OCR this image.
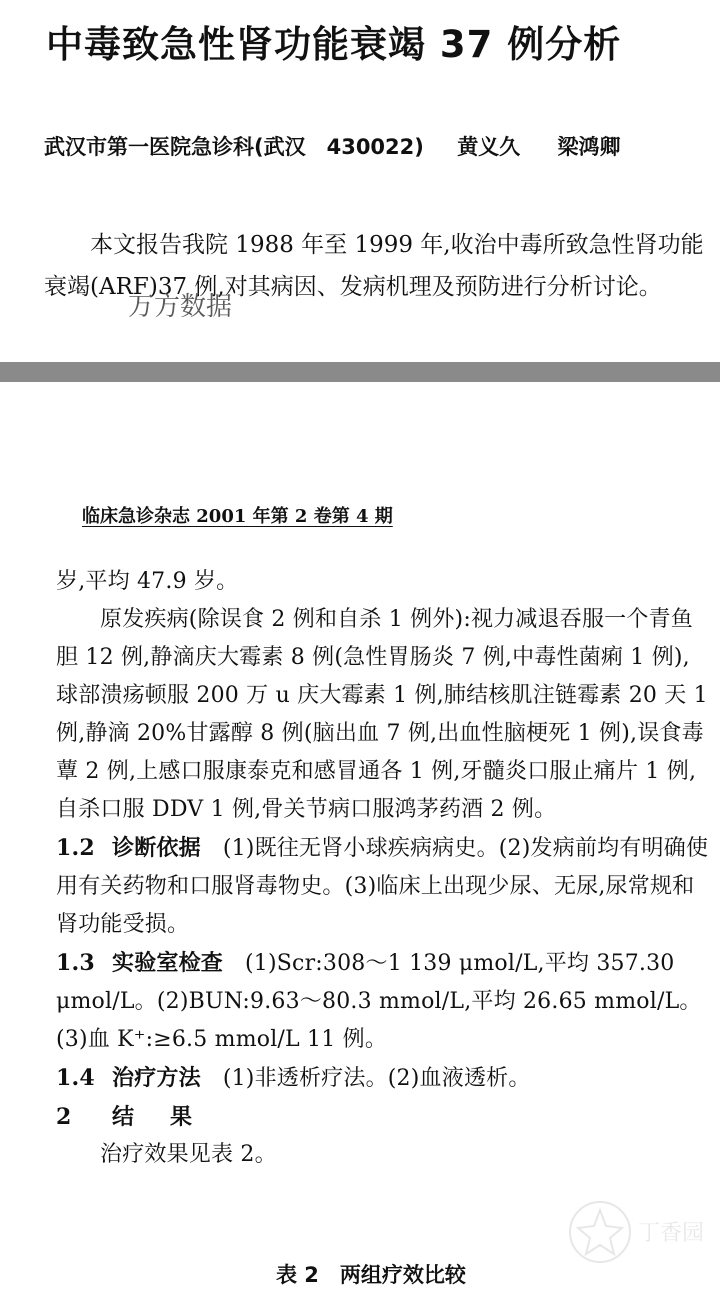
中毒致急性肾功能衰竭 37 例分析
武汉市第一医院急诊科(武汉　430022) 黄义久 梁鸿卿
本文报告我院 1988 年至 1999 年,收治中毒所致急性肾功能衰竭(ARF)37 例,对其病因、发病机理及预防进行分析讨论。
万方数据
临床急诊杂志 2001 年第 2 卷第 4 期

岁,平均 47.9 岁。

原发疾病(除误食 2 例和自杀 1 例外):视力减退吞服一个青鱼胆 12 例,静滴庆大霉素 8 例(急性胃肠炎 7 例,中毒性菌痢 1 例),球部溃疡顿服 200 万 u 庆大霉素 1 例,肺结核肌注链霉素 20 天 1 例,静滴 20%甘露醇 8 例(脑出血 7 例,出血性脑梗死 1 例),误食毒蕈 2 例,上感口服康泰克和感冒通各 1 例,牙髓炎口服止痛片 1 例,自杀口服 DDV 1 例,骨关节病口服鸿茅药酒 2 例。

1.2 诊断依据 (1)既往无肾小球疾病病史。(2)发病前均有明确使用有关药物和口服肾毒物史。(3)临床上出现少尿、无尿,尿常规和肾功能受损。

1.3 实验室检查 (1)Scr:308～1 139 μmol/L,平均 357.30 μmol/L。(2)BUN:9.63～80.3 mmol/L,平均 26.65 mmol/L。(3)血 K⁺:≥6.5 mmol/L 11 例。

1.4 治疗方法 (1)非透析疗法。(2)血液透析。

2 结果

治疗效果见表 2。

表 2　两组疗效比较
丁香园
